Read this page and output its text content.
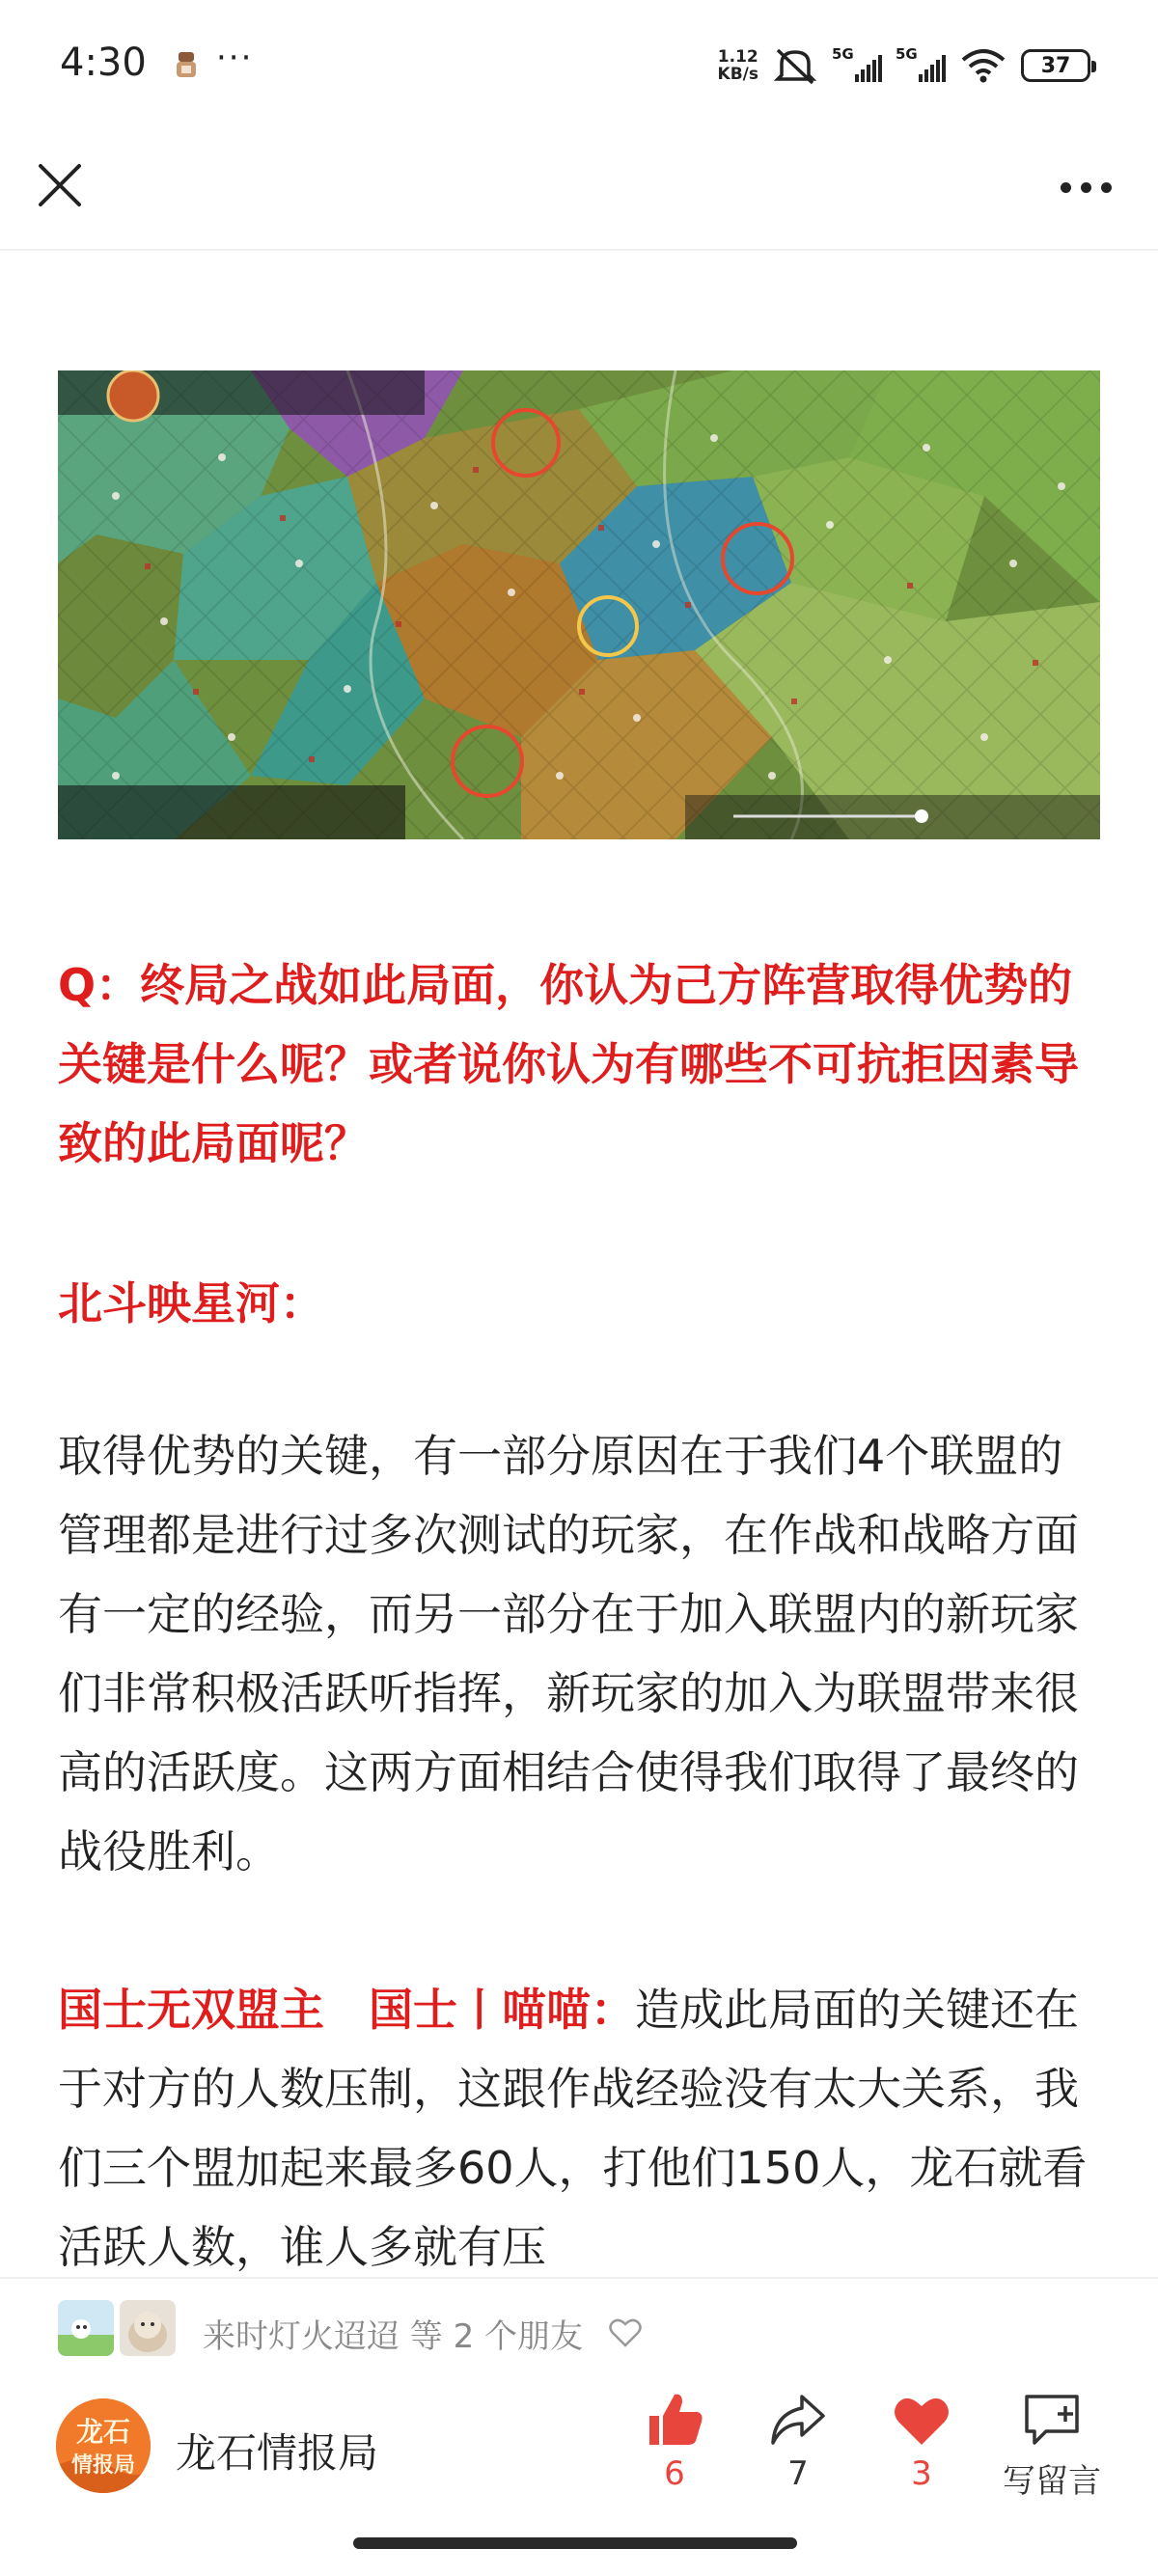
4:30 ···	1.12
KB/s
5G	5G	37
Q：终局之战如此局面，你认为己方阵营取得优势的关键是什么呢？或者说你认为有哪些不可抗拒因素导致的此局面呢？
北斗映星河：
取得优势的关键，有一部分原因在于我们4个联盟的管理都是进行过多次测试的玩家，在作战和战略方面有一定的经验，而另一部分在于加入联盟内的新玩家们非常积极活跃听指挥，新玩家的加入为联盟带来很高的活跃度。这两方面相结合使得我们取得了最终的战役胜利。
国士无双盟主　国士丨喵喵：造成此局面的关键还在于对方的人数压制，这跟作战经验没有太大关系，我们三个盟加起来最多60人，打他们150人，龙石就看活跃人数，谁人多就有压
来时灯火迢迢 等 2 个朋友
龙石
情报局 龙石情报局	6	7	3	写留言
